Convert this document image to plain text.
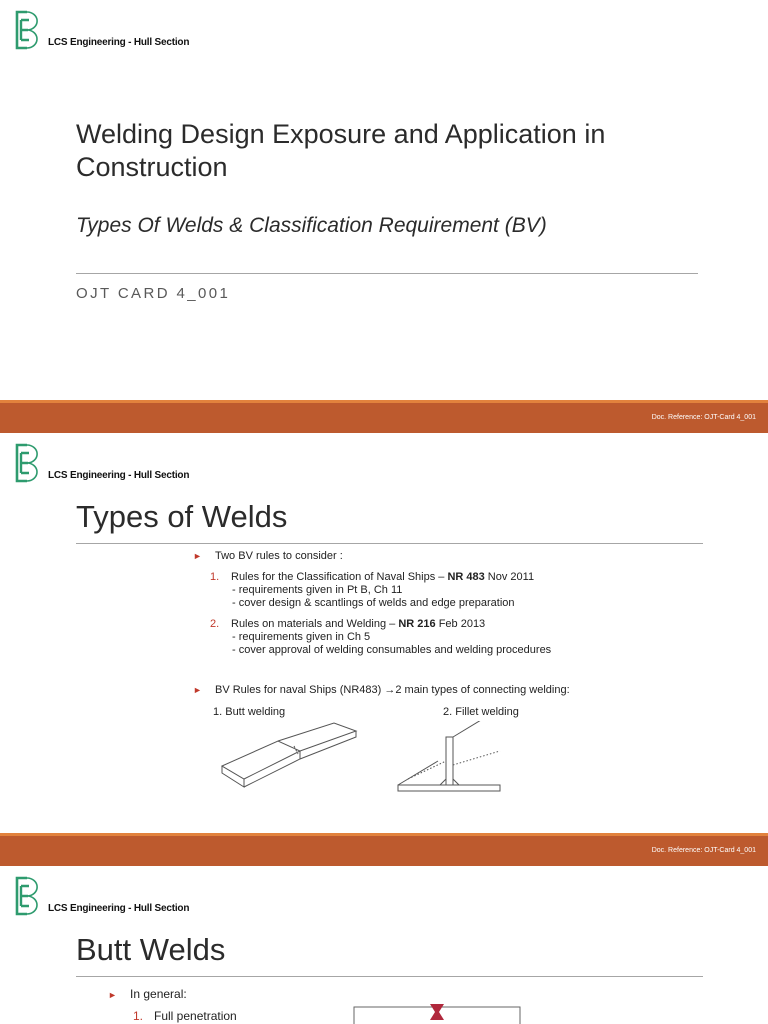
LCS Engineering - Hull Section
Welding Design Exposure and Application in Construction
Types Of Welds & Classification Requirement (BV)
OJT CARD 4_001
Doc. Reference: OJT-Card 4_001
LCS Engineering - Hull Section
Types of Welds
► Two BV rules to consider :
1. Rules for the Classification of Naval Ships – NR 483 Nov 2011
- requirements given in Pt B, Ch 11
- cover design & scantlings of welds and edge preparation
2. Rules on materials and Welding – NR 216 Feb 2013
- requirements given in Ch 5
- cover approval of welding consumables and welding procedures
► BV Rules for naval Ships (NR483) →2 main types of connecting welding:
1. Butt welding	2. Fillet welding
Doc. Reference: OJT-Card 4_001
LCS Engineering - Hull Section
Butt Welds
► In general:
1. Full penetration
